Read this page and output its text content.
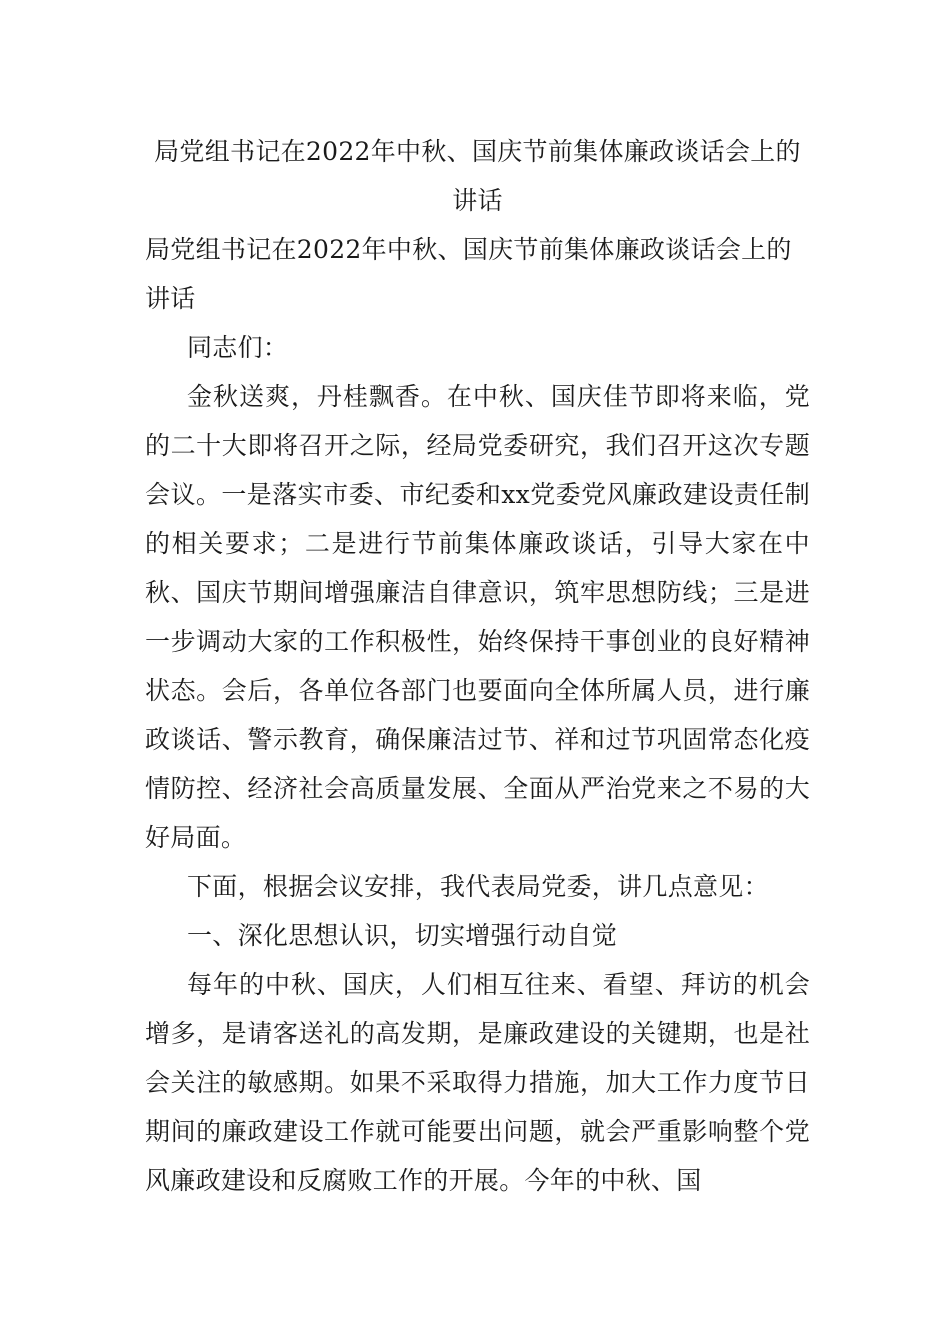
局党组书记在2022年中秋、国庆节前集体廉政谈话会上的讲话

局党组书记在2022年中秋、国庆节前集体廉政谈话会上的讲话

同志们：

金秋送爽，丹桂飘香。在中秋、国庆佳节即将来临，党的二十大即将召开之际，经局党委研究，我们召开这次专题会议。一是落实市委、市纪委和xx党委党风廉政建设责任制的相关要求；二是进行节前集体廉政谈话，引导大家在中秋、国庆节期间增强廉洁自律意识，筑牢思想防线；三是进一步调动大家的工作积极性，始终保持干事创业的良好精神状态。会后，各单位各部门也要面向全体所属人员，进行廉政谈话、警示教育，确保廉洁过节、祥和过节巩固常态化疫情防控、经济社会高质量发展、全面从严治党来之不易的大好局面。

下面，根据会议安排，我代表局党委，讲几点意见：

一、深化思想认识，切实增强行动自觉

每年的中秋、国庆，人们相互往来、看望、拜访的机会增多，是请客送礼的高发期，是廉政建设的关键期，也是社会关注的敏感期。如果不采取得力措施，加大工作力度节日期间的廉政建设工作就可能要出问题，就会严重影响整个党风廉政建设和反腐败工作的开展。今年的中秋、国
